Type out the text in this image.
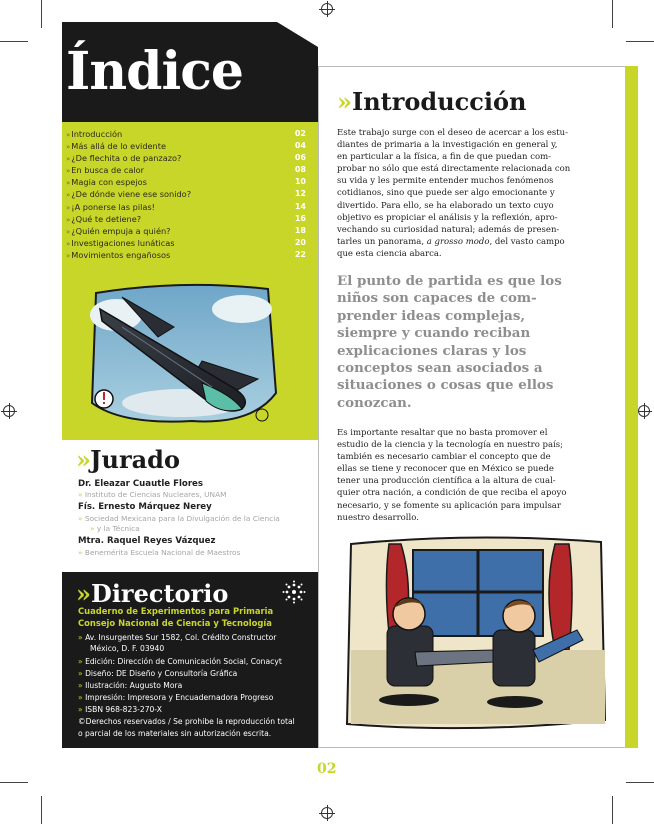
Índice
» Introducción	02
» Más allá de lo evidente	04
» ¿De flechita o de panzazo?	06
» En busca de calor	08
» Magia con espejos	10
» ¿De dónde viene ese sonido?	12
» ¡A ponerse las pilas!	14
» ¿Qué te detiene?	16
» ¿Quién empuja a quién?	18
» Investigaciones lunáticas	20
» Movimientos engañosos	22
»Jurado
Dr. Eleazar Cuautle Flores
» Instituto de Ciencias Nucleares, UNAM
Fís. Ernesto Márquez Nerey
» Sociedad Mexicana para la Divulgación de la Ciencia
» y la Técnica
Mtra. Raquel Reyes Vázquez
» Benemérita Escuela Nacional de Maestros
»Directorio
Cuaderno de Experimentos para Primaria
Consejo Nacional de Ciencia y Tecnología
» Av. Insurgentes Sur 1582, Col. Crédito Constructor
México, D. F. 03940
» Edición: Dirección de Comunicación Social, Conacyt
» Diseño: DE Diseño y Consultoría Gráfica
» Ilustración: Augusto Mora
» Impresión: Impresora y Encuadernadora Progreso
» ISBN 968-823-270-X
©Derechos reservados / Se prohibe la reproducción total
o parcial de los materiales sin autorización escrita.
»Introducción
Este trabajo surge con el deseo de acercar a los estu-
diantes de primaria a la investigación en general y,
en particular a la física, a fin de que puedan com-
probar no sólo que está directamente relacionada con
su vida y les permite entender muchos fenómenos
cotidianos, sino que puede ser algo emocionante y
divertido. Para ello, se ha elaborado un texto cuyo
objetivo es propiciar el análisis y la reflexión, apro-
vechando su curiosidad natural; además de presen-
tarles un panorama, a grosso modo, del vasto campo
que esta ciencia abarca.
El punto de partida es que los
niños son capaces de com-
prender ideas complejas,
siempre y cuando reciban
explicaciones claras y los
conceptos sean asociados a
situaciones o cosas que ellos
conozcan.
Es importante resaltar que no basta promover el
estudio de la ciencia y la tecnología en nuestro país;
también es necesario cambiar el concepto que de
ellas se tiene y reconocer que en México se puede
tener una producción científica a la altura de cual-
quier otra nación, a condición de que reciba el apoyo
necesario, y se fomente su aplicación para impulsar
nuestro desarrollo.
02
